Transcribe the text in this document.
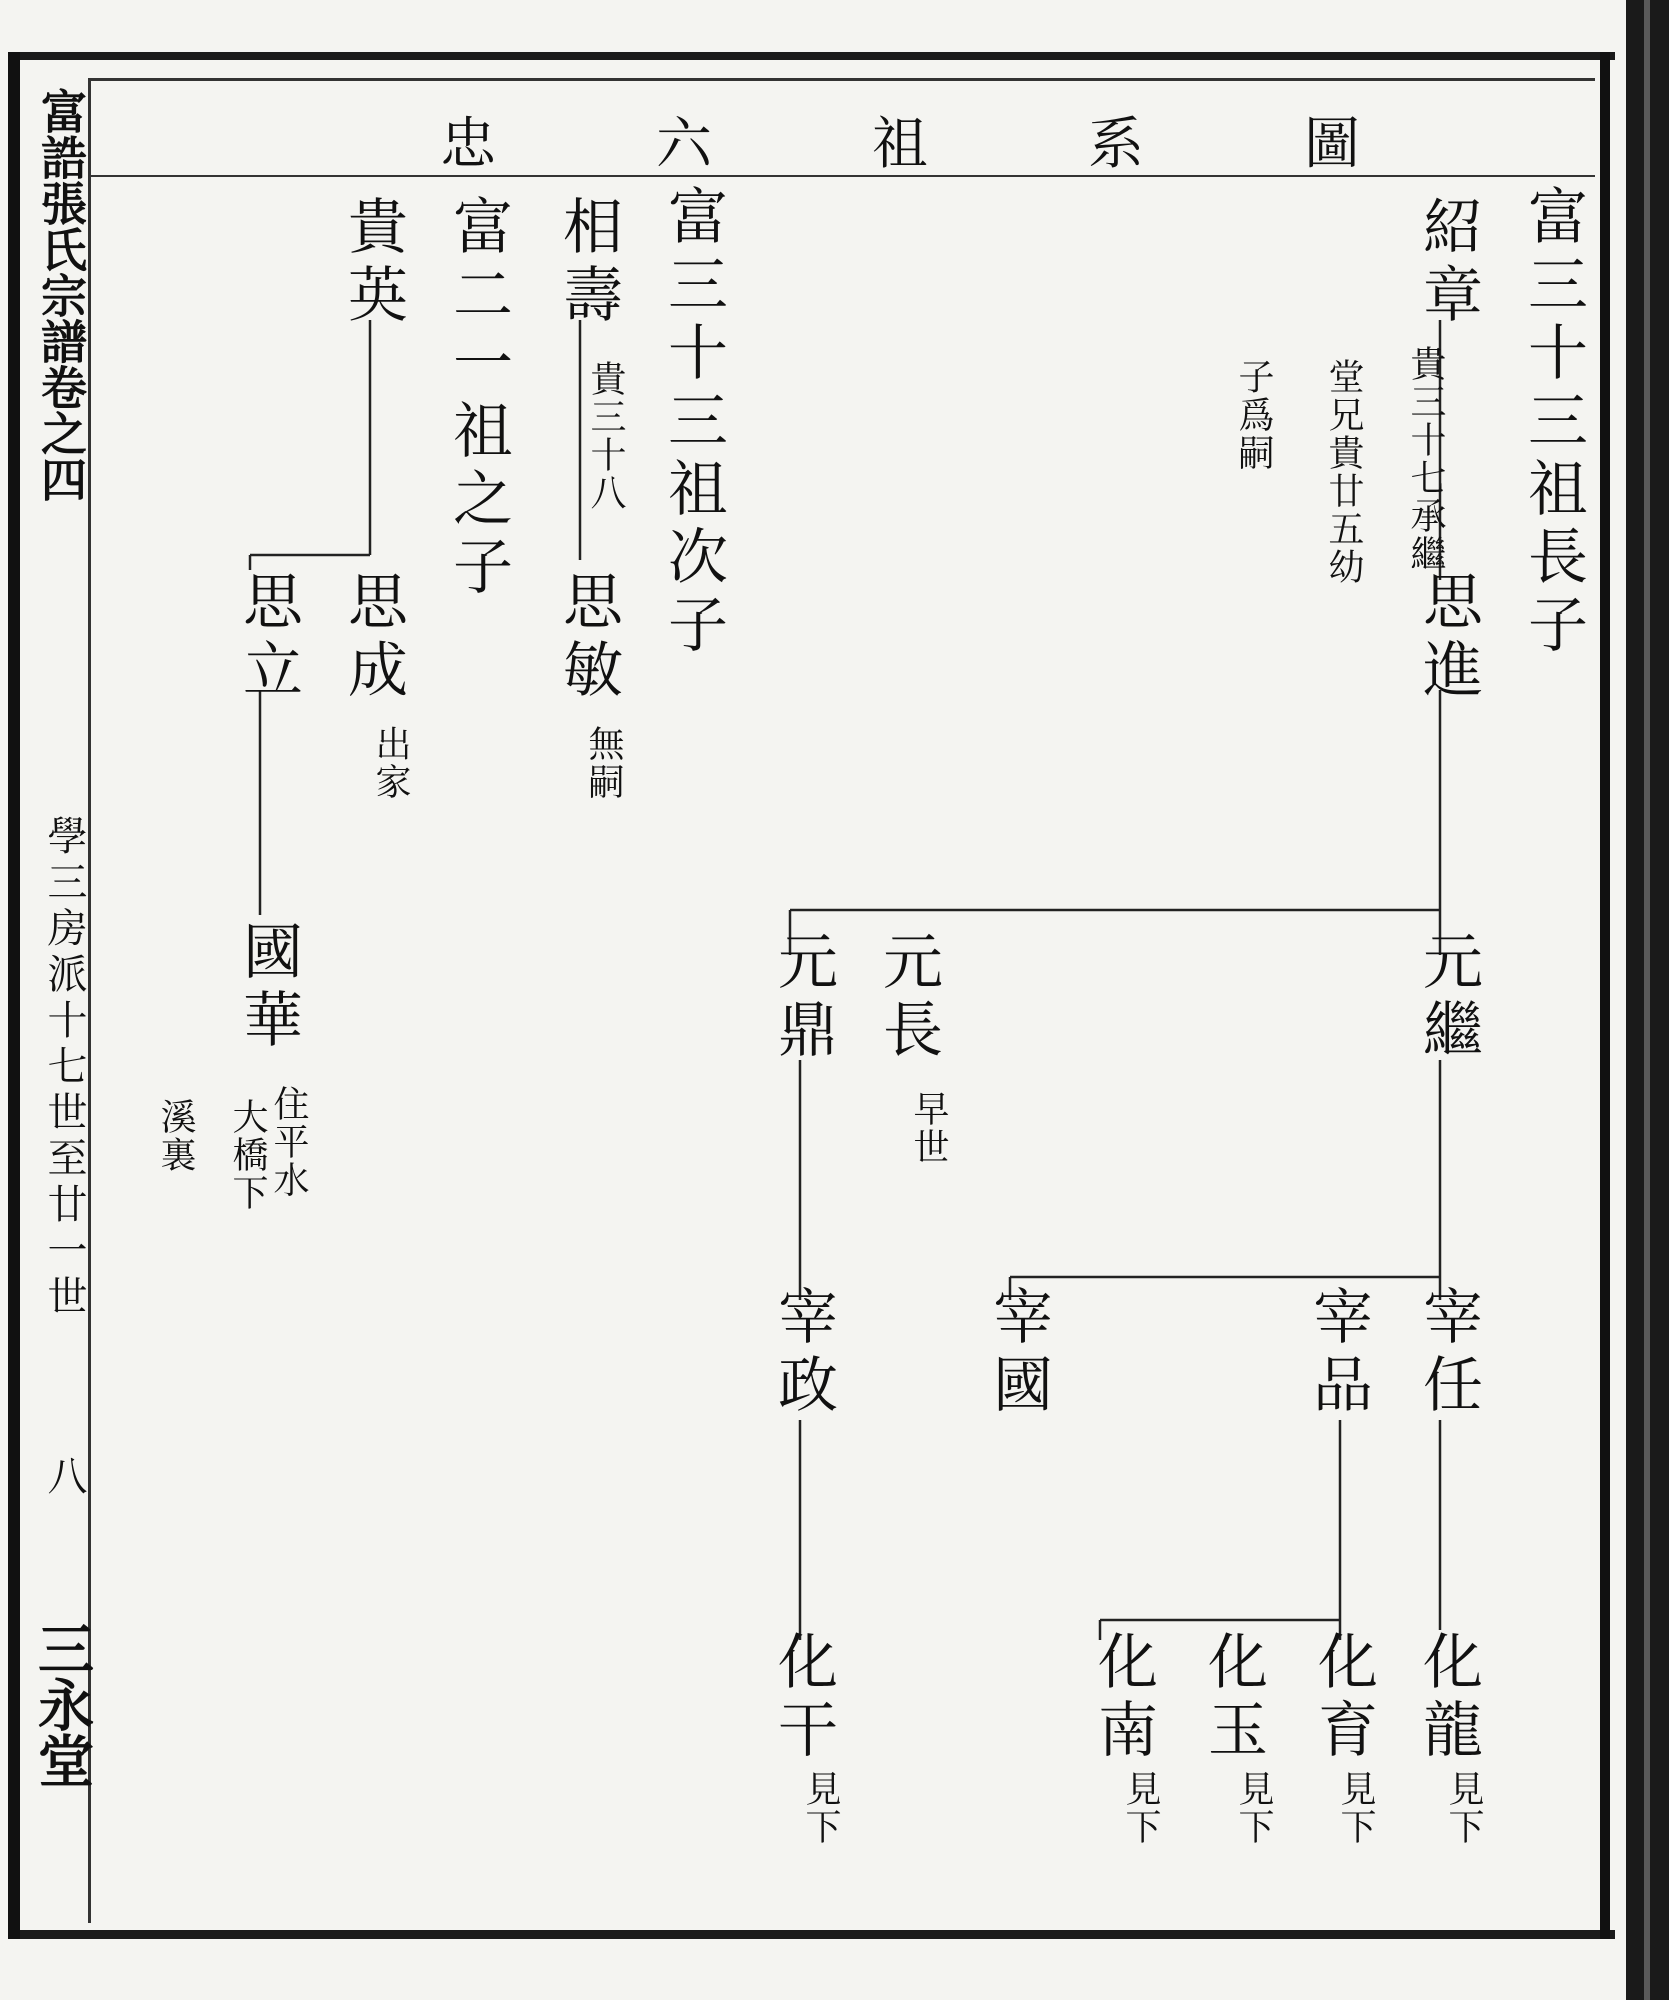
忠六祖系圖
富誥張氏宗譜卷之四
學三房派十七世至廿一世
八
三永堂
富三十三祖長子
紹章
貴三十七承繼
堂兄貴廿五幼
子爲嗣
思進
元繼
元長
早世
元鼎
宰任
宰品
宰國
宰政
化龍
見下
化育
見下
化玉
見下
化南
見下
化干
見下
富三十三祖次子
相壽
貴三十八
思敏
無嗣
富二一祖之子
貴英
思成
出家
思立
國華
住平水
大橋下
溪裏
